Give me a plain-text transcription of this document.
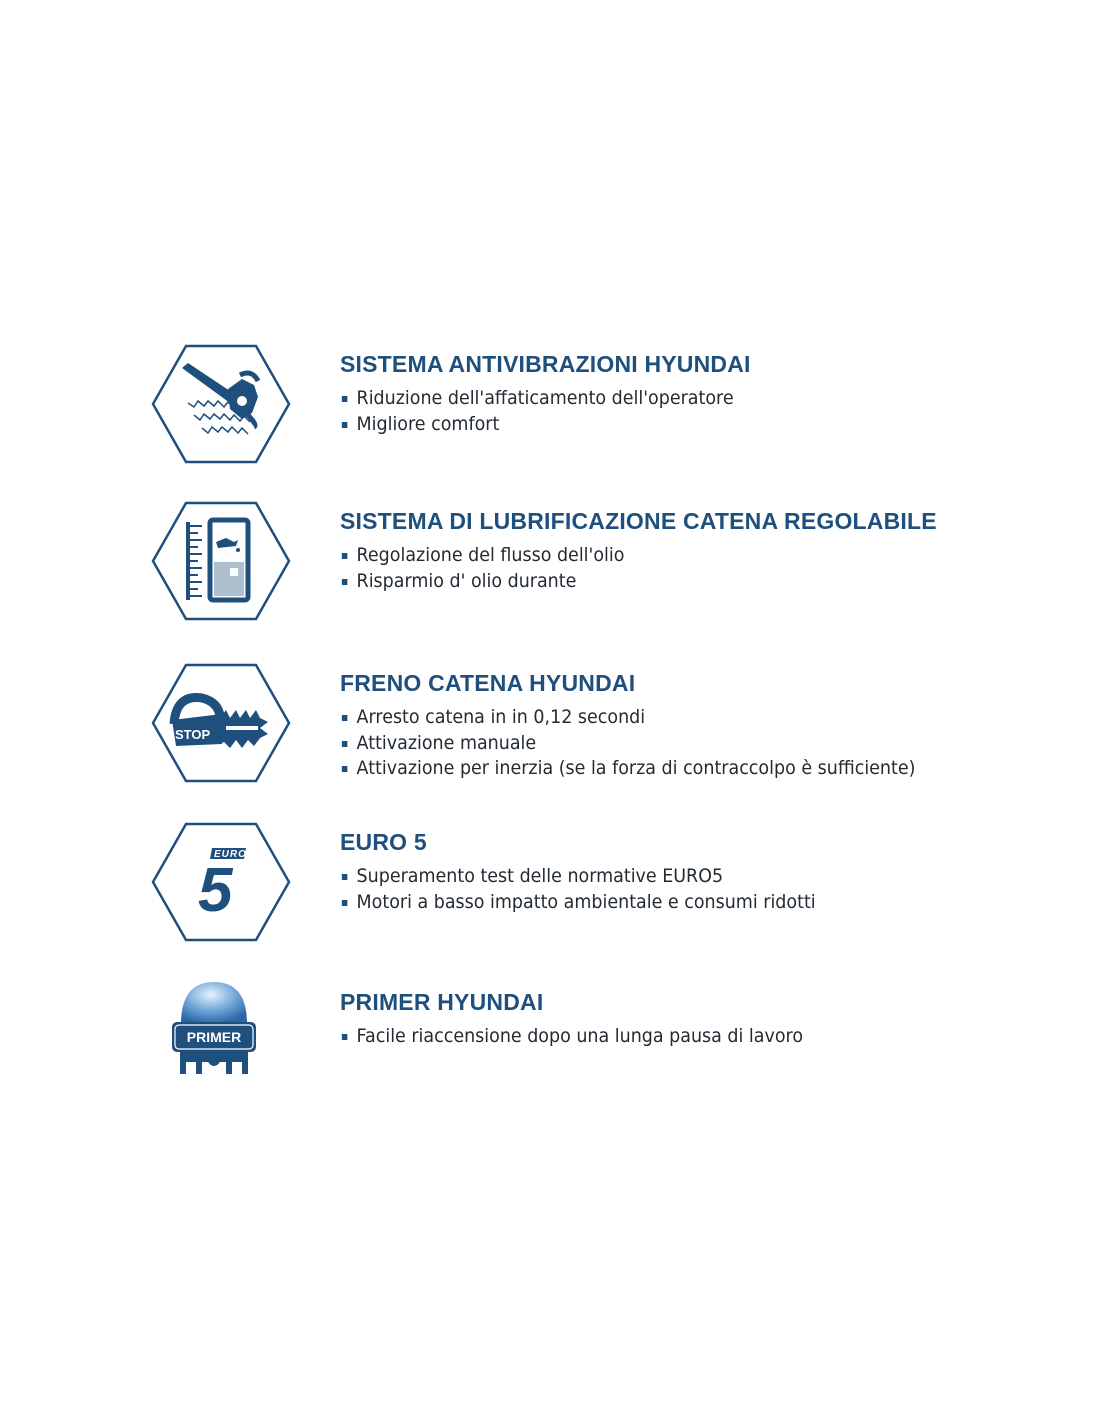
SISTEMA ANTIVIBRAZIONI HYUNDAI
Riduzione dell'affaticamento dell'operatore
Migliore comfort
SISTEMA DI LUBRIFICAZIONE CATENA REGOLABILE
Regolazione del flusso dell'olio
Risparmio d' olio durante
STOP
FRENO CATENA HYUNDAI
Arresto catena in in 0,12 secondi
Attivazione manuale
Attivazione per inerzia (se la forza di contraccolpo è sufficiente)
EURO
5
EURO 5
Superamento test delle normative EURO5
Motori a basso impatto ambientale e consumi ridotti
PRIMER
PRIMER HYUNDAI
Facile riaccensione dopo una lunga pausa di lavoro
